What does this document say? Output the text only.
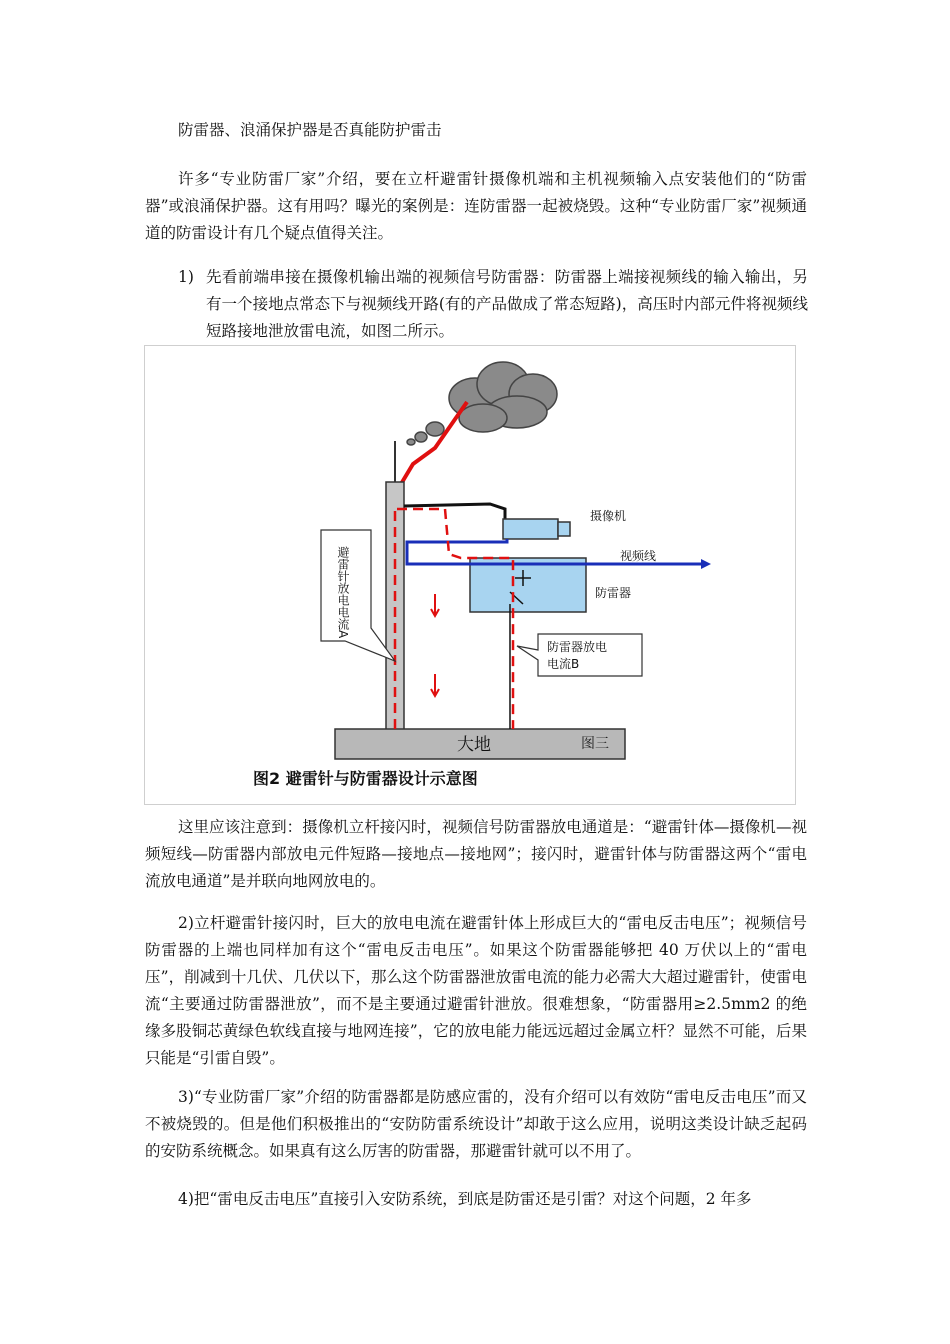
防雷器、浪涌保护器是否真能防护雷击

许多“专业防雷厂家”介绍，要在立杆避雷针摄像机端和主机视频输入点安装他们的“防雷器”或浪涌保护器。这有用吗？曝光的案例是：连防雷器一起被烧毁。这种“专业防雷厂家”视频通道的防雷设计有几个疑点值得关注。

1) 先看前端串接在摄像机输出端的视频信号防雷器：防雷器上端接视频线的输入输出，另有一个接地点常态下与视频线开路(有的产品做成了常态短路)，高压时内部元件将视频线短路接地泄放雷电流，如图二所示。
大地	图三
摄像机
防雷器
视频线
避雷针放电电流A
防雷器放电
电流B
图2 避雷针与防雷器设计示意图

这里应该注意到：摄像机立杆接闪时，视频信号防雷器放电通道是：“避雷针体—摄像机—视频短线—防雷器内部放电元件短路—接地点—接地网”；接闪时，避雷针体与防雷器这两个“雷电流放电通道”是并联向地网放电的。

2)立杆避雷针接闪时，巨大的放电电流在避雷针体上形成巨大的“雷电反击电压”；视频信号防雷器的上端也同样加有这个“雷电反击电压”。如果这个防雷器能够把 40 万伏以上的“雷电压”，削减到十几伏、几伏以下，那么这个防雷器泄放雷电流的能力必需大大超过避雷针，使雷电流“主要通过防雷器泄放”，而不是主要通过避雷针泄放。很难想象，“防雷器用≥2.5mm2 的绝缘多股铜芯黄绿色软线直接与地网连接”，它的放电能力能远远超过金属立杆？显然不可能，后果只能是“引雷自毁”。

3)“专业防雷厂家”介绍的防雷器都是防感应雷的，没有介绍可以有效防“雷电反击电压”而又不被烧毁的。但是他们积极推出的“安防防雷系统设计”却敢于这么应用，说明这类设计缺乏起码的安防系统概念。如果真有这么厉害的防雷器，那避雷针就可以不用了。

4)把“雷电反击电压”直接引入安防系统，到底是防雷还是引雷？对这个问题，2 年多
